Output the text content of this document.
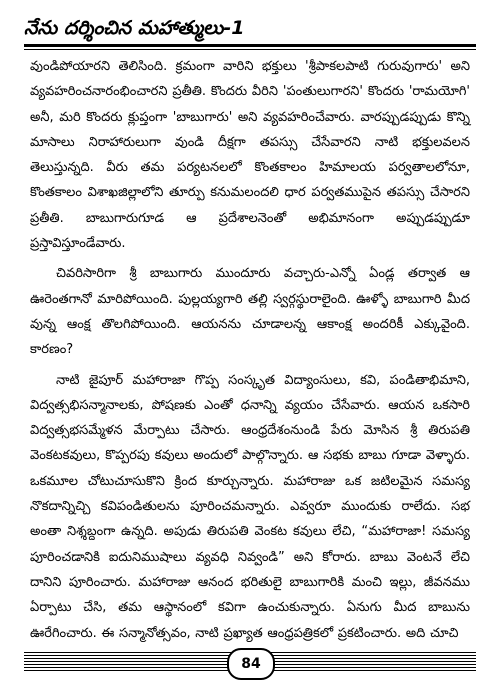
నేను దర్శించిన మహాత్ములు-1

వుండిపోయారని తెలిసింది. క్రమంగా వారిని భక్తులు 'శ్రీపాకలపాటి గురువుగారు' అని వ్యవహరించనారంభించారని ప్రతీతి. కొందరు వీరిని 'పంతులుగారని' కొందరు 'రామయోగి' అనీ, మరి కొందరు క్లుప్తంగా 'బాబుగారు' అని వ్యవహరించేవారు. వారప్పుడప్పుడు కొన్ని మాసాలు నిరాహారులుగా వుండి దీక్షగా తపస్సు చేసేవారని నాటి భక్తులవలన తెలుస్తున్నది. వీరు తమ పర్యటనలలో కొంతకాలం హిమాలయ పర్వతాలలోనూ, కొంతకాలం విశాఖజిల్లాలోని తూర్పు కనుమలందలి ధార పర్వతముపైన తపస్సు చేసారని ప్రతీతి. బాబుగారుగూడ ఆ ప్రదేశాలనెంతో అభిమానంగా అప్పుడప్పుడూ ప్రస్తావిస్తూండేవారు.

చివరిసారిగా శ్రీ బాబుగారు ముందూరు వచ్చారు-ఎన్నో ఏండ్ల తర్వాత ఆ ఊరెంతగానో మారిపోయింది. పుల్లయ్యగారి తల్లి స్వర్గస్థురాలైంది. ఊళ్ళో బాబుగారి మీద వున్న ఆంక్ష తొలగిపోయింది. ఆయనను చూడాలన్న ఆకాంక్ష అందరికీ ఎక్కువైంది. కారణం?

నాటి జైపూర్ మహారాజా గొప్ప సంస్కృత విద్యాంసులు, కవి, పండితాభిమాని, విద్వత్సభిసన్మానాలకు, పోషణకు ఎంతో ధనాన్ని వ్యయం చేసేవారు. ఆయన ఒకసారి విద్వత్సభసమ్మేళన మేర్పాటు చేసారు. ఆంధ్రదేశంనుండి పేరు మోసిన శ్రీ తిరుపతి వెంకటకవులు, కొప్పరపు కవులు అందులో పాల్గొన్నారు. ఆ సభకు బాబు గూడా వెళ్ళారు. ఒకమూల చోటుచూసుకొని క్రింద కూర్చున్నారు. మహారాజు ఒక జటిలమైన సమస్య నొకదాన్నిచ్చి కవిపండితులను పూరించమన్నారు. ఎవ్వరూ ముందుకు రాలేదు. సభ అంతా నిశ్శబ్దంగా ఉన్నది. అపుడు తిరుపతి వెంకట కవులు లేచి, “మహారాజా! సమస్య పూరించడానికి ఐదునిముషాలు వ్యవధి నివ్వండి” అని కోరారు. బాబు వెంటనే లేచి దానిని పూరించారు. మహారాజు ఆనంద భరితులై బాబుగారికి మంచి ఇల్లు, జీవనము ఏర్పాటు చేసి, తమ ఆస్థానంలో కవిగా ఉంచుకున్నారు. ఏనుగు మీద బాబును ఊరేగించారు. ఈ సన్మానోత్సవం, నాటి ప్రఖ్యాత ఆంధ్రపత్రికలో ప్రకటించారు. అది చూచి

84
